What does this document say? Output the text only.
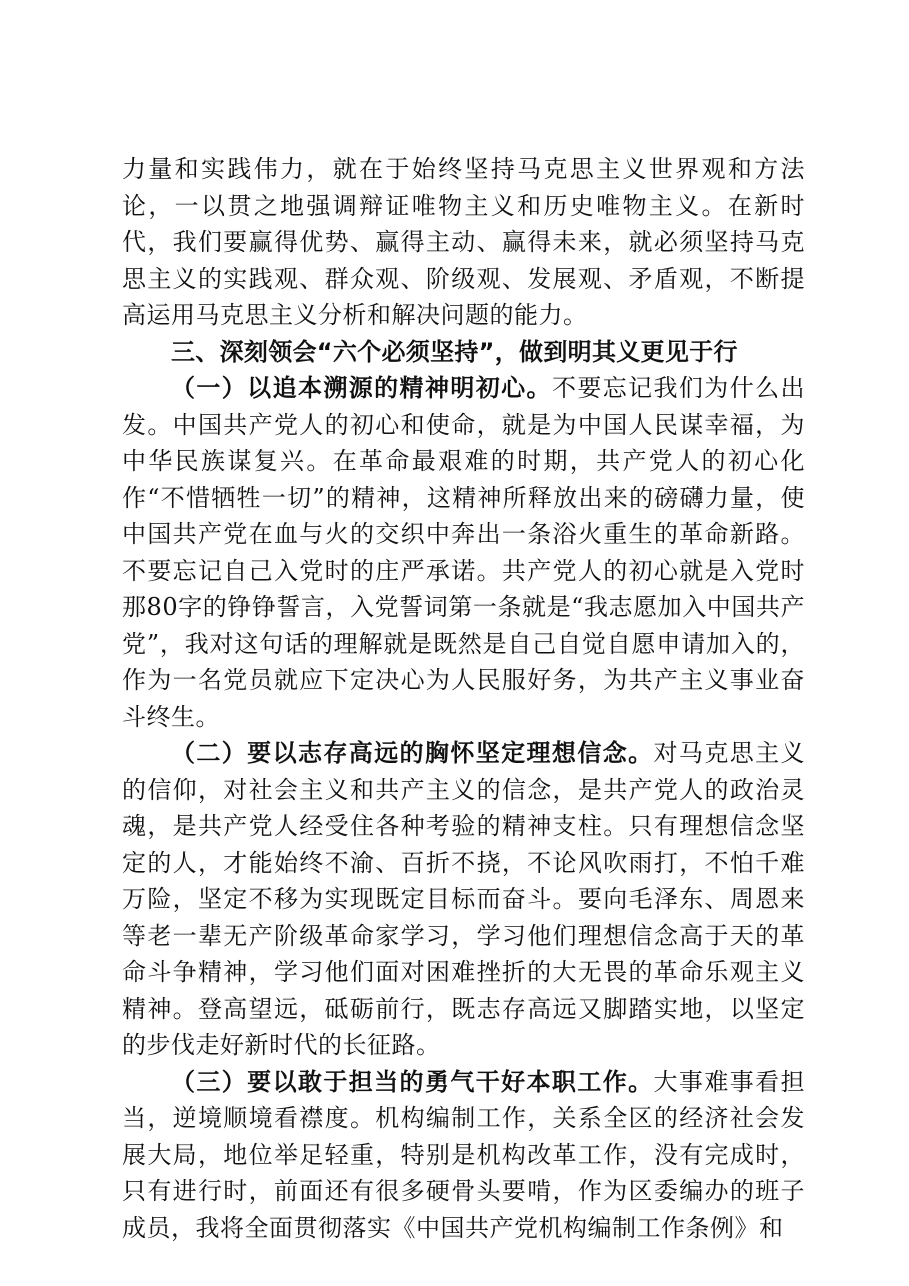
力量和实践伟力，就在于始终坚持马克思主义世界观和方法论，一以贯之地强调辩证唯物主义和历史唯物主义。在新时代，我们要赢得优势、赢得主动、赢得未来，就必须坚持马克思主义的实践观、群众观、阶级观、发展观、矛盾观，不断提高运用马克思主义分析和解决问题的能力。

三、深刻领会“六个必须坚持”，做到明其义更见于行

（一）以追本溯源的精神明初心。不要忘记我们为什么出发。中国共产党人的初心和使命，就是为中国人民谋幸福，为中华民族谋复兴。在革命最艰难的时期，共产党人的初心化作“不惜牺牲一切”的精神，这精神所释放出来的磅礴力量，使中国共产党在血与火的交织中奔出一条浴火重生的革命新路。不要忘记自己入党时的庄严承诺。共产党人的初心就是入党时那80字的铮铮誓言，入党誓词第一条就是“我志愿加入中国共产党”，我对这句话的理解就是既然是自己自觉自愿申请加入的，作为一名党员就应下定决心为人民服好务，为共产主义事业奋斗终生。

（二）要以志存高远的胸怀坚定理想信念。对马克思主义的信仰，对社会主义和共产主义的信念，是共产党人的政治灵魂，是共产党人经受住各种考验的精神支柱。只有理想信念坚定的人，才能始终不渝、百折不挠，不论风吹雨打，不怕千难万险，坚定不移为实现既定目标而奋斗。要向毛泽东、周恩来等老一辈无产阶级革命家学习，学习他们理想信念高于天的革命斗争精神，学习他们面对困难挫折的大无畏的革命乐观主义精神。登高望远，砥砺前行，既志存高远又脚踏实地，以坚定的步伐走好新时代的长征路。

（三）要以敢于担当的勇气干好本职工作。大事难事看担当，逆境顺境看襟度。机构编制工作，关系全区的经济社会发展大局，地位举足轻重，特别是机构改革工作，没有完成时，只有进行时，前面还有很多硬骨头要啃，作为区委编办的班子成员，我将全面贯彻落实《中国共产党机构编制工作条例》和
